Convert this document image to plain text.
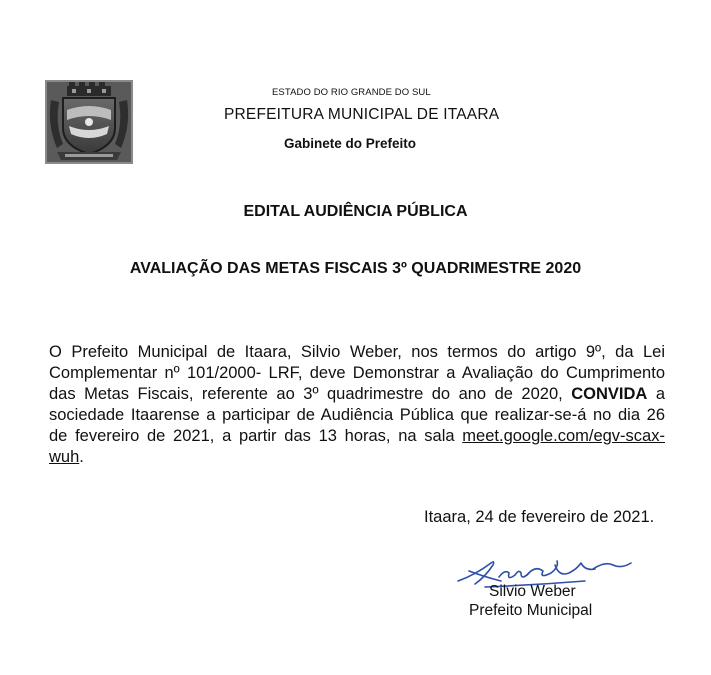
ESTADO DO RIO GRANDE DO SUL
PREFEITURA MUNICIPAL DE ITAARA
Gabinete do Prefeito
EDITAL AUDIÊNCIA PÚBLICA
AVALIAÇÃO DAS METAS FISCAIS 3º QUADRIMESTRE 2020
O Prefeito Municipal de Itaara, Silvio Weber, nos termos do artigo 9º, da Lei Complementar nº 101/2000- LRF, deve Demonstrar a Avaliação do Cumprimento das Metas Fiscais, referente ao 3º quadrimestre do ano de 2020, CONVIDA a sociedade Itaarense a participar de Audiência Pública que realizar-se-á no dia 26 de fevereiro de 2021, a partir das 13 horas, na sala meet.google.com/egv-scax-wuh.
Itaara, 24 de fevereiro de 2021.
Silvio Weber
Prefeito Municipal
